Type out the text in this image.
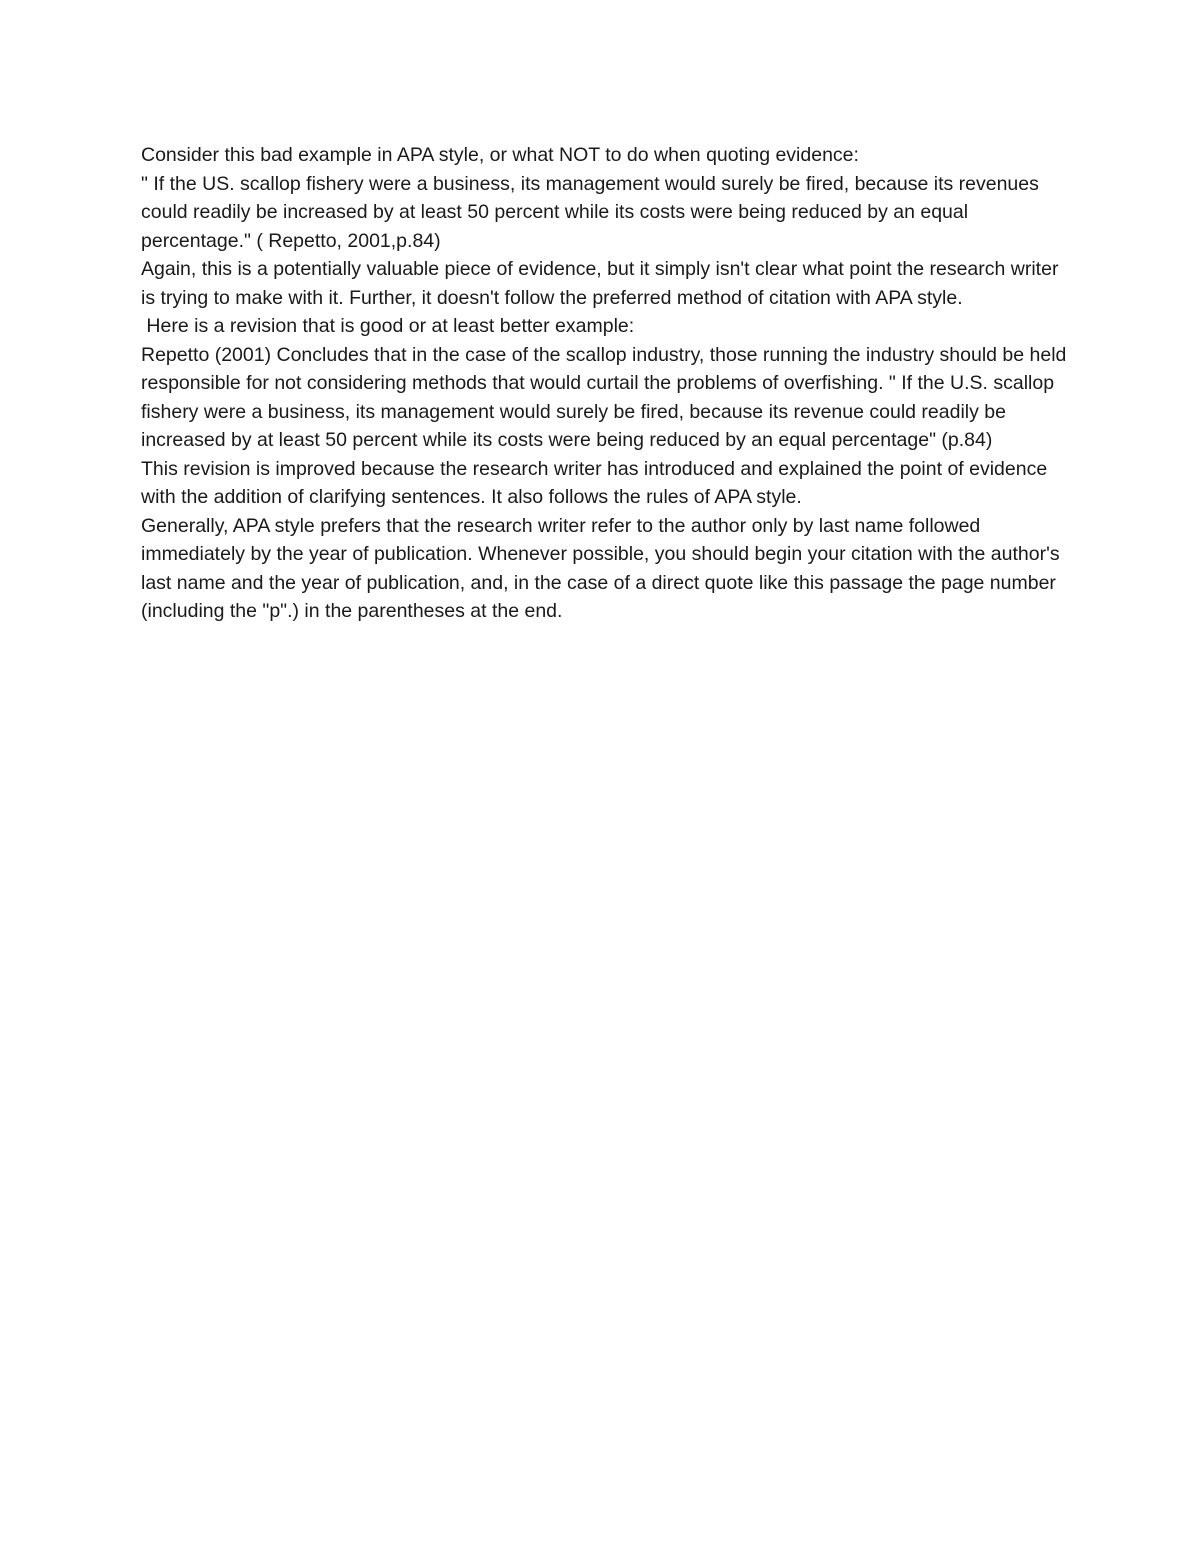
Consider this bad example in APA style, or what NOT to do when quoting evidence:

" If the US. scallop fishery were a business, its management would surely be fired, because its revenues could readily be increased by at least 50 percent while its costs were being reduced by an equal percentage." ( Repetto, 2001,p.84)

Again, this is a potentially valuable piece of evidence, but it simply isn't clear what point the research writer is trying to make with it. Further, it doesn't follow the preferred method of citation with APA style.

Here is a revision that is good or at least better example:

Repetto (2001) Concludes that in the case of the scallop industry, those running the industry should be held responsible for not considering methods that would curtail the problems of overfishing. " If the U.S. scallop fishery were a business, its management would surely be fired, because its revenue could readily be increased by at least 50 percent while its costs were being reduced by an equal percentage" (p.84)

This revision is improved because the research writer has introduced and explained the point of evidence with the addition of clarifying sentences. It also follows the rules of APA style.

Generally, APA style prefers that the research writer refer to the author only by last name followed immediately by the year of publication. Whenever possible, you should begin your citation with the author's last name and the year of publication, and, in the case of a direct quote like this passage the page number (including the "p".) in the parentheses at the end.
